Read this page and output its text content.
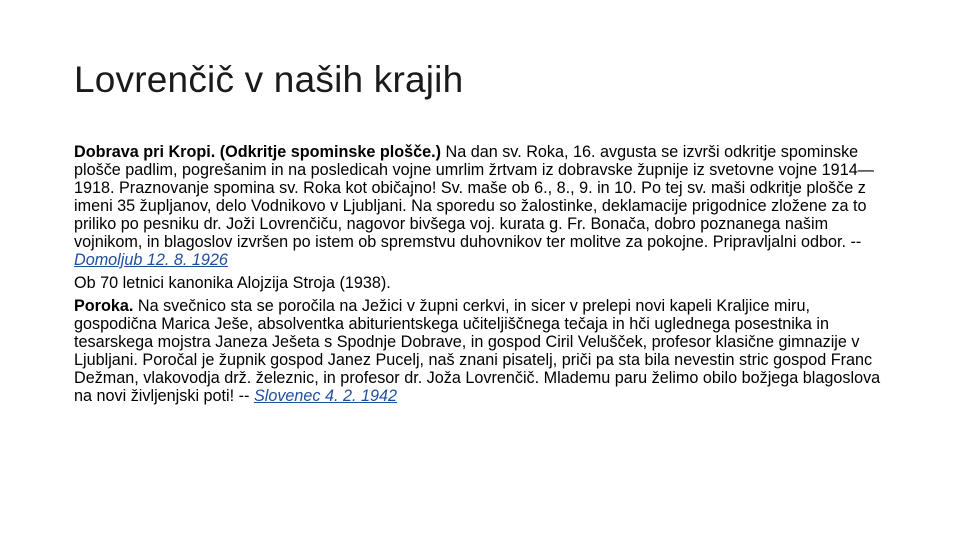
Lovrenčič v naših krajih

Dobrava pri Kropi. (Odkritje spominske plošče.) Na dan sv. Roka, 16. avgusta se izvrši odkritje spominske plošče padlim, pogrešanim in na posledicah vojne umrlim žrtvam iz dobravske župnije iz svetovne vojne 1914—1918. Praznovanje spomina sv. Roka kot običajno! Sv. maše ob 6., 8., 9. in 10. Po tej sv. maši odkritje plošče z imeni 35 župljanov, delo Vodnikovo v Ljubljani. Na sporedu so žalostinke, deklamacije prigodnice zložene za to priliko po pesniku dr. Joži Lovrenčiču, nagovor bivšega voj. kurata g. Fr. Bonača, dobro poznanega našim vojnikom, in blagoslov izvršen po istem ob spremstvu duhovnikov ter molitve za pokojne. Pripravljalni odbor. -- Domoljub 12. 8. 1926

Ob 70 letnici kanonika Alojzija Stroja (1938).

Poroka. Na svečnico sta se poročila na Ježici v župni cerkvi, in sicer v prelepi novi kapeli Kraljice miru, gospodična Marica Ješe, absolventka abiturientskega učiteljiščnega tečaja in hči uglednega posestnika in tesarskega mojstra Janeza Ješeta s Spodnje Dobrave, in gospod Ciril Velušček, profesor klasične gimnazije v Ljubljani. Poročal je župnik gospod Janez Pucelj, naš znani pisatelj, priči pa sta bila nevestin stric gospod Franc Dežman, vlakovodja drž. železnic, in profesor dr. Joža Lovrenčič. Mlademu paru želimo obilo božjega blagoslova na novi življenjski poti! -- Slovenec 4. 2. 1942
